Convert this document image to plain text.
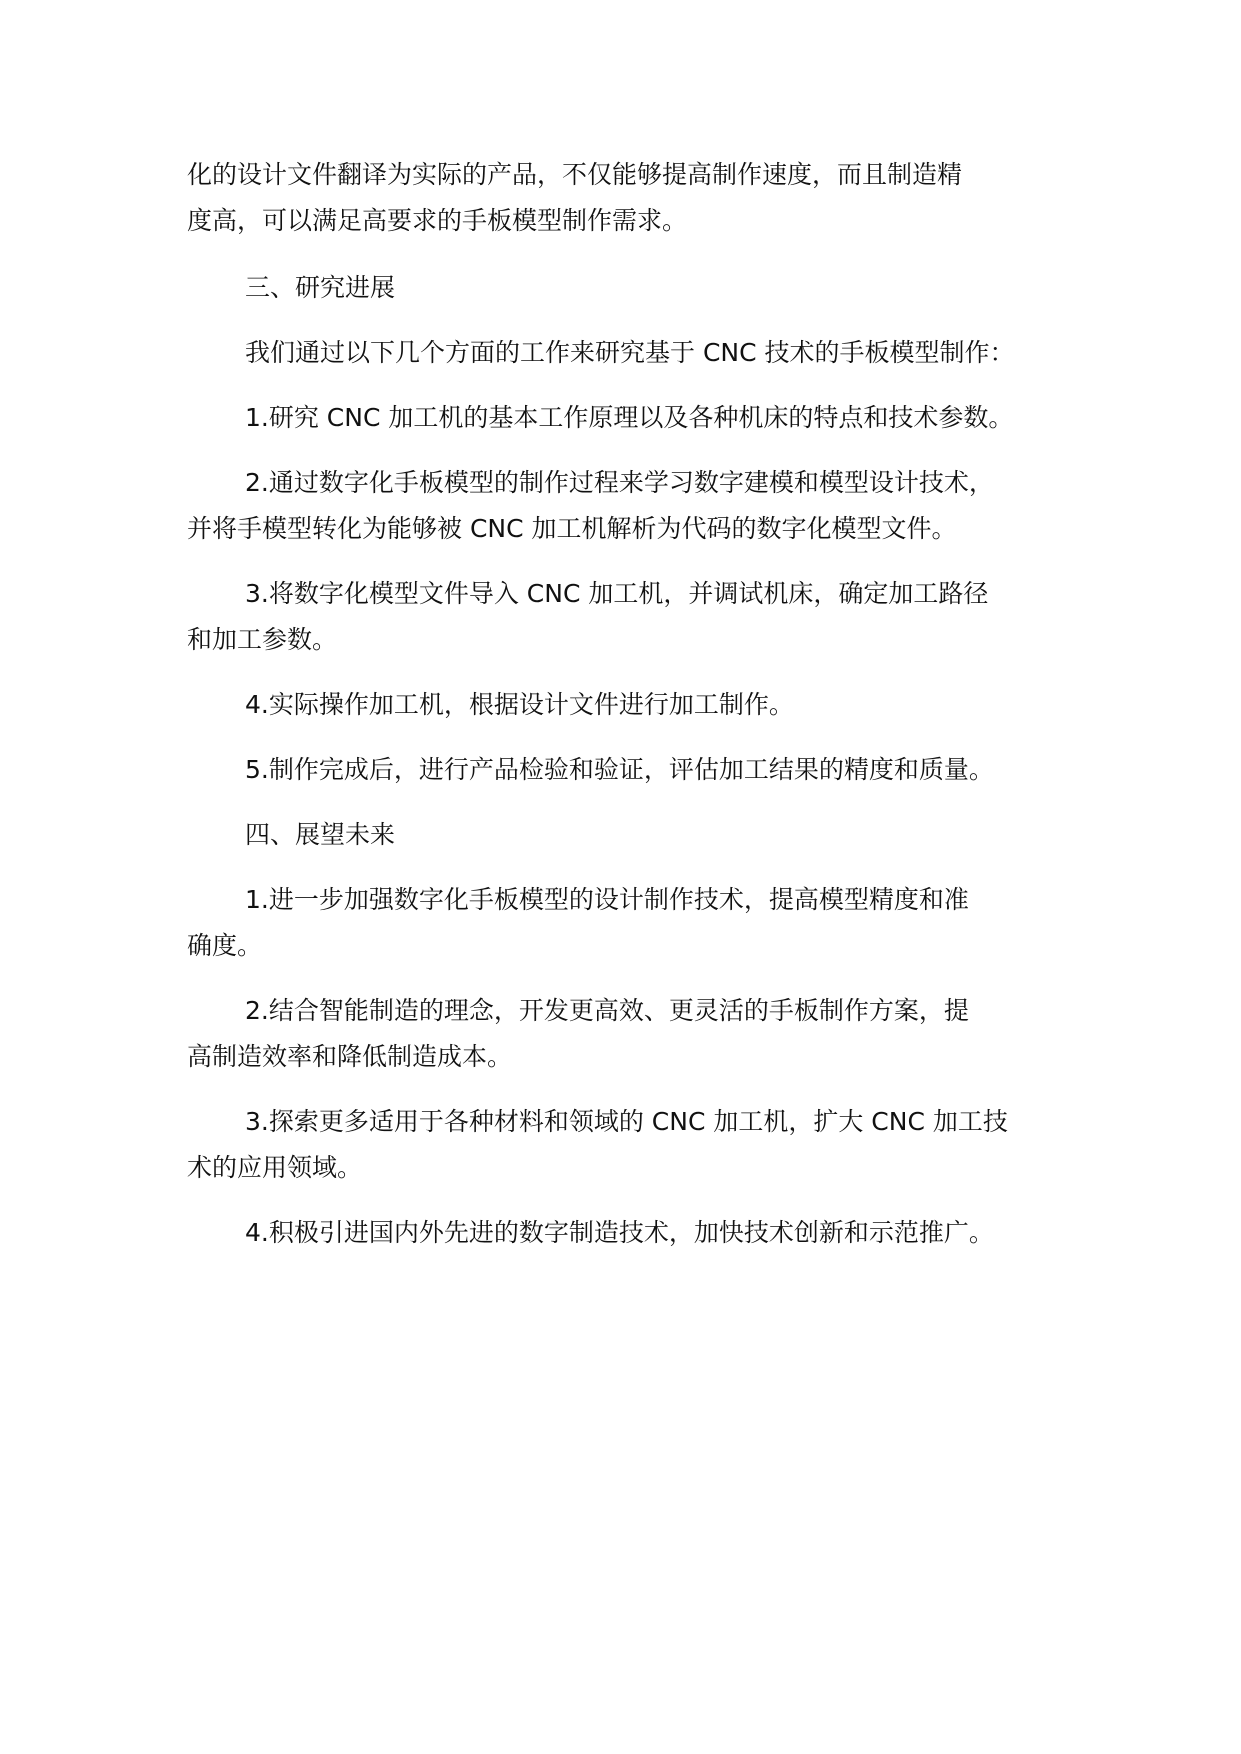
化的设计文件翻译为实际的产品，不仅能够提高制作速度，而且制造精
度高，可以满足高要求的手板模型制作需求。
三、研究进展
我们通过以下几个方面的工作来研究基于 CNC 技术的手板模型制作：
1.研究 CNC 加工机的基本工作原理以及各种机床的特点和技术参数。
2.通过数字化手板模型的制作过程来学习数字建模和模型设计技术，
并将手模型转化为能够被 CNC 加工机解析为代码的数字化模型文件。
3.将数字化模型文件导入 CNC 加工机，并调试机床，确定加工路径
和加工参数。
4.实际操作加工机，根据设计文件进行加工制作。
5.制作完成后，进行产品检验和验证，评估加工结果的精度和质量。
四、展望未来
1.进一步加强数字化手板模型的设计制作技术，提高模型精度和准
确度。
2.结合智能制造的理念，开发更高效、更灵活的手板制作方案，提
高制造效率和降低制造成本。
3.探索更多适用于各种材料和领域的 CNC 加工机，扩大 CNC 加工技
术的应用领域。
4.积极引进国内外先进的数字制造技术，加快技术创新和示范推广。
